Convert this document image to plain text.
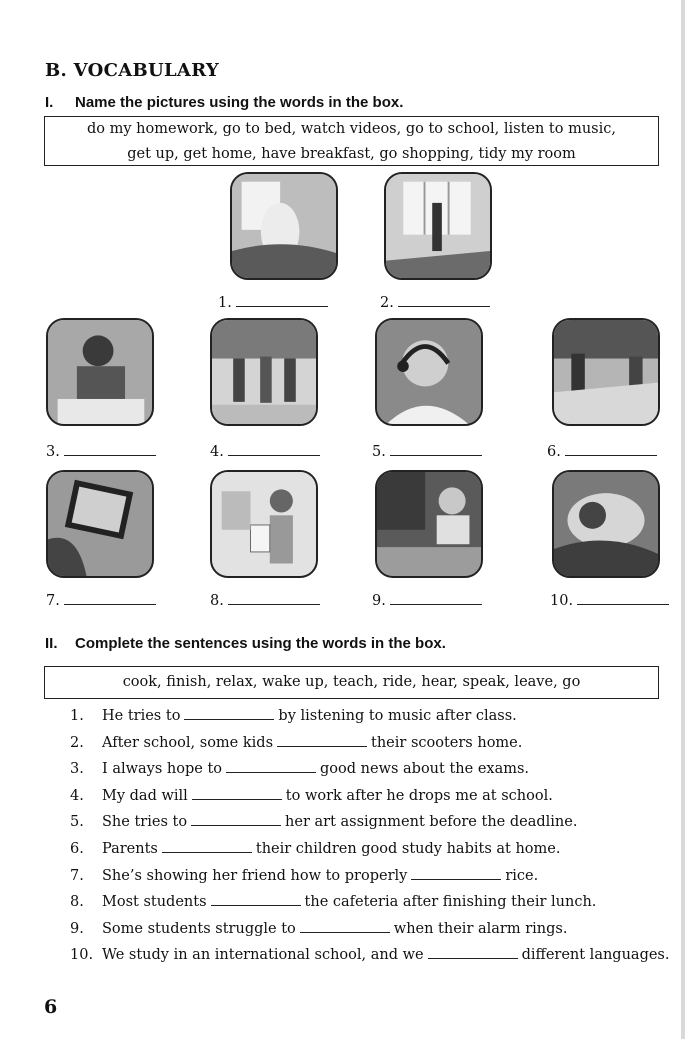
B. VOCABULARY
I. Name the pictures using the words in the box.
do my homework, go to bed, watch videos, go to school, listen to music,
get up, get home, have breakfast, go shopping, tidy my room
1.	2.
3.	4.	5.	6.
7.	8.	9.	10.
II. Complete the sentences using the words in the box.
cook, finish, relax, wake up, teach, ride, hear, speak, leave, go
1. He tries to	by listening to music after class.
2. After school, some kids	their scooters home.
3. I always hope to	good news about the exams.
4. My dad will	to work after he drops me at school.
5. She tries to	her art assignment before the deadline.
6. Parents	their children good study habits at home.
7. She’s showing her friend how to properly	rice.
8. Most students	the cafeteria after finishing their lunch.
9. Some students struggle to	when their alarm rings.
10. We study in an international school, and we	different languages.
6
